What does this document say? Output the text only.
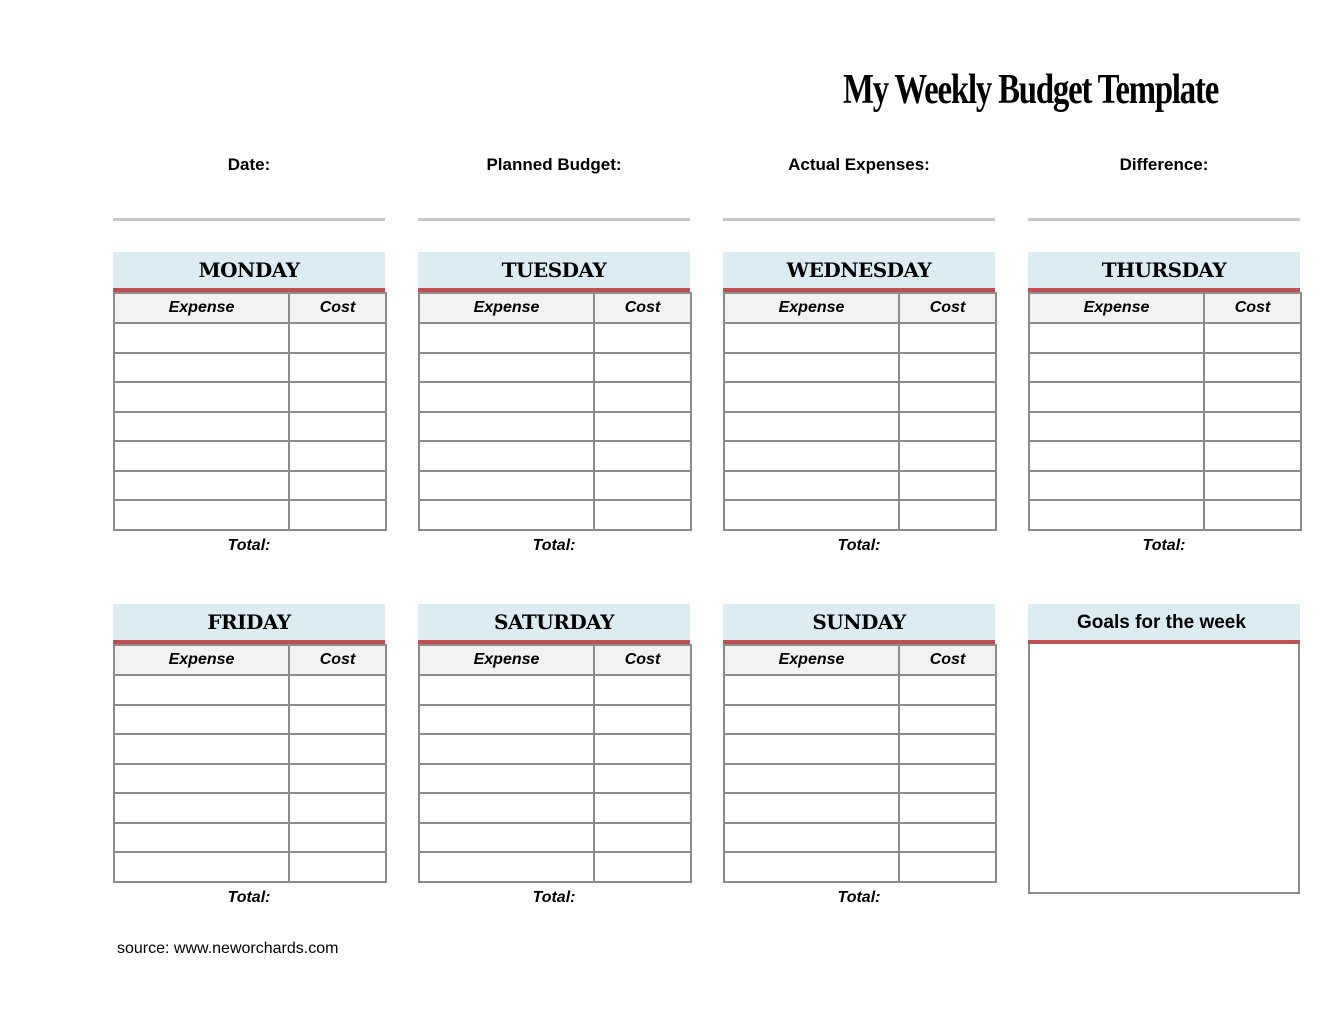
My Weekly Budget Template
Date:	Planned Budget:	Actual Expenses:	Difference:
MONDAY
Expense	Cost

Total:
TUESDAY
Expense	Cost

Total:
WEDNESDAY
Expense	Cost

Total:
THURSDAY
Expense	Cost

Total:
FRIDAY
Expense	Cost

Total:
SATURDAY
Expense	Cost

Total:
SUNDAY
Expense	Cost

Total:
Goals for the week
source: www.neworchards.com
